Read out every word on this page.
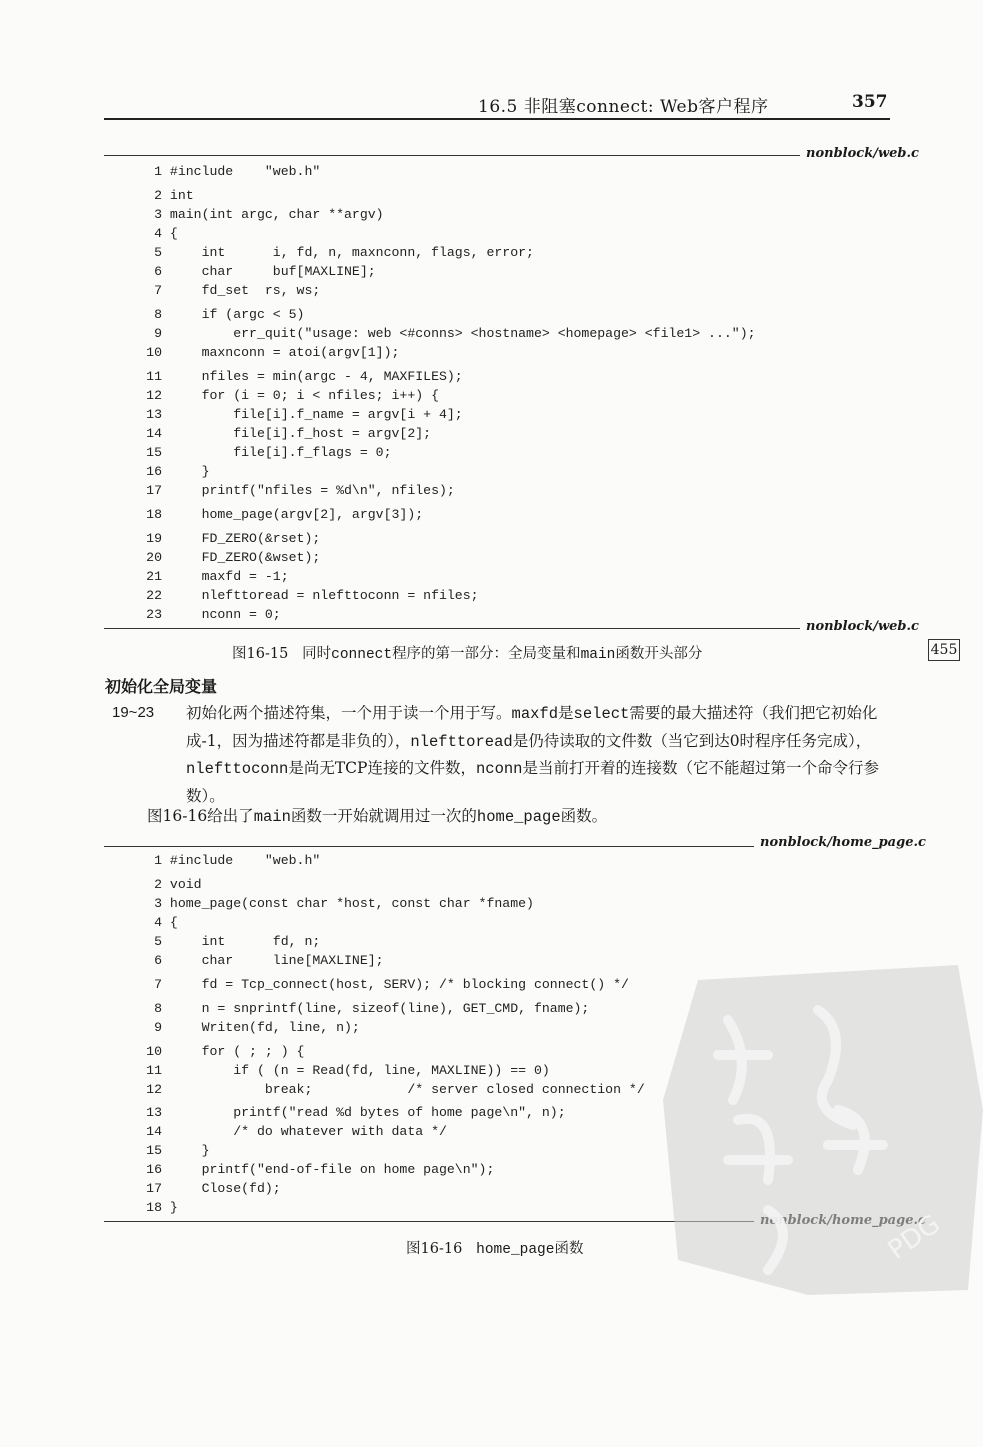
16.5 非阻塞connect: Web客户程序	357
nonblock/web.c
1 #include    "web.h"
2 int
3 main(int argc, char **argv)
4 {
5     int      i, fd, n, maxnconn, flags, error;
6     char     buf[MAXLINE];
7     fd_set  rs, ws;
8     if (argc < 5)
9         err_quit("usage: web <#conns> <hostname> <homepage> <file1> ...");
10     maxnconn = atoi(argv[1]);
11     nfiles = min(argc - 4, MAXFILES);
12     for (i = 0; i < nfiles; i++) {
13         file[i].f_name = argv[i + 4];
14         file[i].f_host = argv[2];
15         file[i].f_flags = 0;
16     }
17     printf("nfiles = %d\n", nfiles);
18     home_page(argv[2], argv[3]);
19     FD_ZERO(&rset);
20     FD_ZERO(&wset);
21     maxfd = -1;
22     nlefttoread = nlefttoconn = nfiles;
23     nconn = 0;
nonblock/web.c
图16-15 同时connect程序的第一部分：全局变量和main函数开头部分	455
初始化全局变量
19~23 初始化两个描述符集，一个用于读一个用于写。maxfd是select需要的最大描述符（我们把它初始化成-1，因为描述符都是非负的），nlefttoread是仍待读取的文件数（当它到达0时程序任务完成），nlefttoconn是尚无TCP连接的文件数，nconn是当前打开着的连接数（它不能超过第一个命令行参数）。
图16-16给出了main函数一开始就调用过一次的home_page函数。
nonblock/home_page.c
1 #include    "web.h"
2 void
3 home_page(const char *host, const char *fname)
4 {
5     int      fd, n;
6     char     line[MAXLINE];
7     fd = Tcp_connect(host, SERV); /* blocking connect() */
8     n = snprintf(line, sizeof(line), GET_CMD, fname);
9     Writen(fd, line, n);
10     for ( ; ; ) {
11         if ( (n = Read(fd, line, MAXLINE)) == 0)
12             break;            /* server closed connection */
13         printf("read %d bytes of home page\n", n);
14         /* do whatever with data */
15     }
16     printf("end-of-file on home page\n");
17     Close(fd);
18 }
图16-16 home_page函数	PDG
